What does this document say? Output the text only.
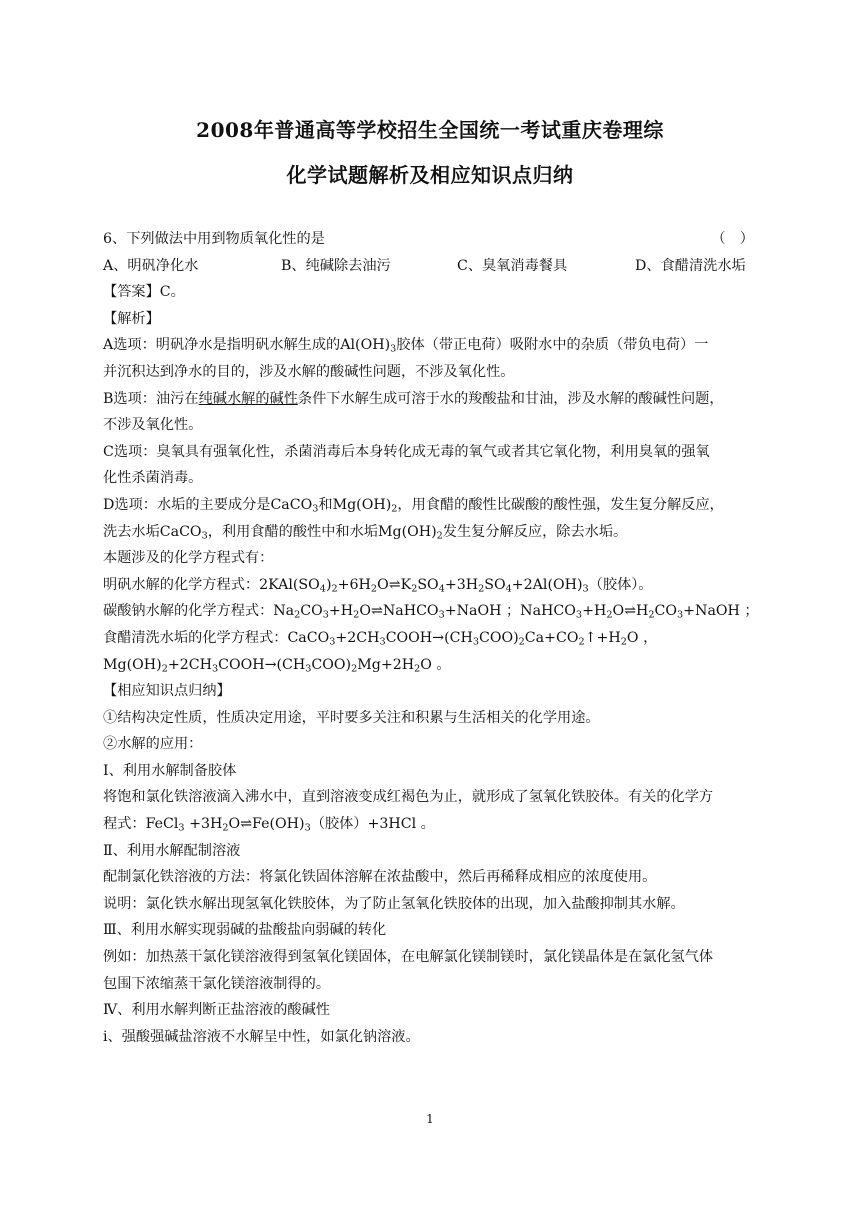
2008年普通高等学校招生全国统一考试重庆卷理综
化学试题解析及相应知识点归纳
6、下列做法中用到物质氧化性的是	（　）
A、明矾净化水	B、纯碱除去油污	C、臭氧消毒餐具	D、食醋清洗水垢
【答案】C。
【解析】
A选项：明矾净水是指明矾水解生成的$Al(OH)_3$胶体（带正电荷）吸附水中的杂质（带负电荷）一
并沉积达到净水的目的，涉及水解的酸碱性问题，不涉及氧化性。
B选项：油污在纯碱水解的碱性条件下水解生成可溶于水的羧酸盐和甘油，涉及水解的酸碱性问题，
不涉及氧化性。
C选项：臭氧具有强氧化性，杀菌消毒后本身转化成无毒的氧气或者其它氧化物，利用臭氧的强氧
化性杀菌消毒。
D选项：水垢的主要成分是CaCO$_3$和$Mg(OH)_2$，用食醋的酸性比碳酸的酸性强，发生复分解反应，
洗去水垢CaCO$_3$，利用食醋的酸性中和水垢$Mg(OH)_2$发生复分解反应，除去水垢。
本题涉及的化学方程式有：
明矾水解的化学方程式：$2KAl(SO_4)_2+6H_2O\rightleftharpoons K_2SO_4+3H_2SO_4+2Al(OH)_3$（胶体）。
碳酸钠水解的化学方程式：$Na_2CO_3+H_2O\rightleftharpoons NaHCO_3+NaOH$ ；$NaHCO_3+H_2O\rightleftharpoons H_2CO_3+NaOH$ ；
食醋清洗水垢的化学方程式：$CaCO_3+2CH_3COOH\to(CH_3COO)_2Ca+CO_2↑+H_2O$ ，
$Mg(OH)_2+2CH_3COOH\to(CH_3COO)_2Mg+2H_2O$ 。
【相应知识点归纳】
①结构决定性质，性质决定用途，平时要多关注和积累与生活相关的化学用途。
②水解的应用：
Ⅰ、利用水解制备胶体
将饱和氯化铁溶液滴入沸水中，直到溶液变成红褐色为止，就形成了氢氧化铁胶体。有关的化学方
程式：FeCl$_3$ $+3H_2O\rightleftharpoons Fe(OH)_3$（胶体）+3HCl 。
Ⅱ、利用水解配制溶液
配制氯化铁溶液的方法：将氯化铁固体溶解在浓盐酸中，然后再稀释成相应的浓度使用。
说明：氯化铁水解出现氢氧化铁胶体，为了防止氢氧化铁胶体的出现，加入盐酸抑制其水解。
Ⅲ、利用水解实现弱碱的盐酸盐向弱碱的转化
例如：加热蒸干氯化镁溶液得到氢氧化镁固体，在电解氯化镁制镁时，氯化镁晶体是在氯化氢气体
包围下浓缩蒸干氯化镁溶液制得的。
Ⅳ、利用水解判断正盐溶液的酸碱性
ⅰ、强酸强碱盐溶液不水解呈中性，如氯化钠溶液。
1
